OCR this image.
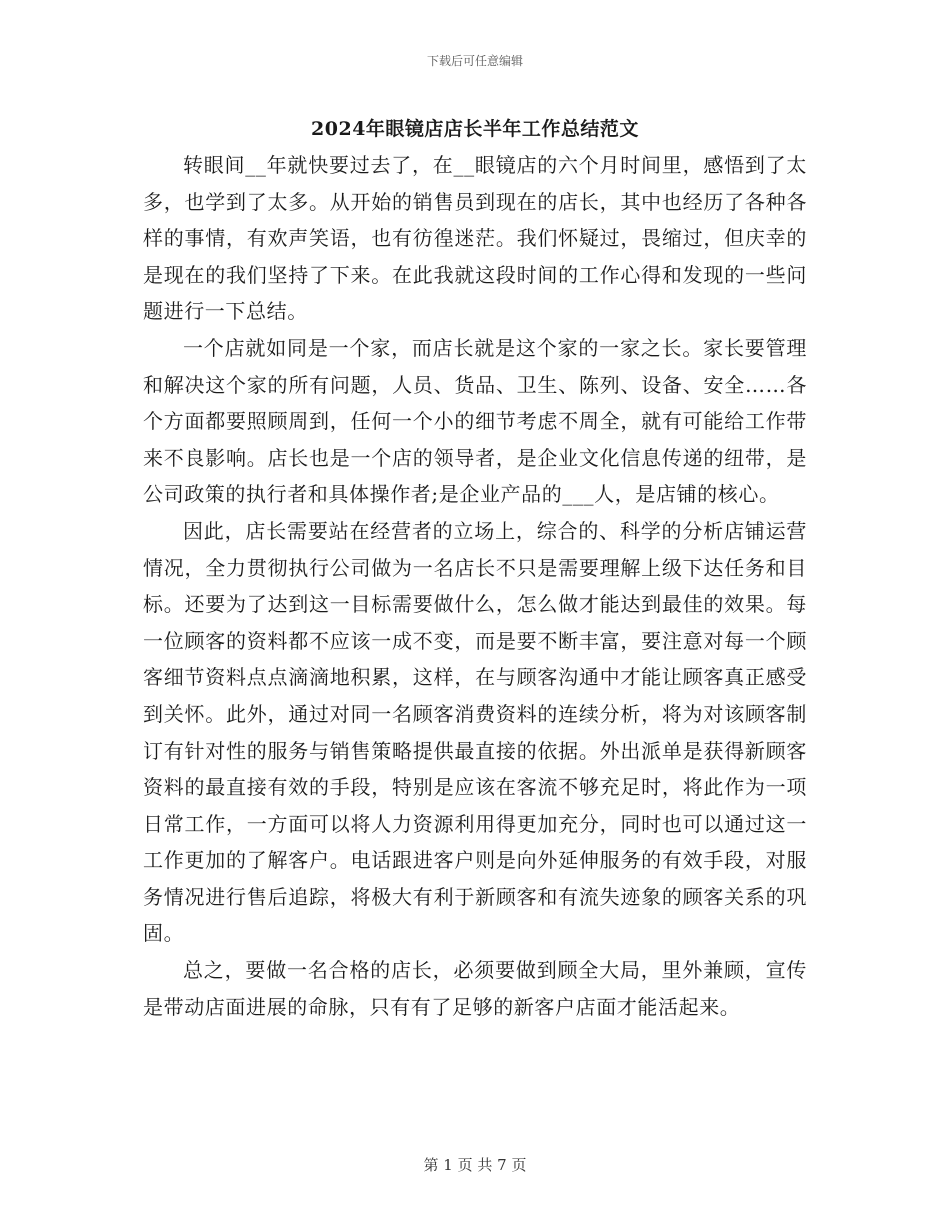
下载后可任意编辑
2024年眼镜店店长半年工作总结范文

转眼间__年就快要过去了，在__眼镜店的六个月时间里，感悟到了太多，也学到了太多。从开始的销售员到现在的店长，其中也经历了各种各样的事情，有欢声笑语，也有彷徨迷茫。我们怀疑过，畏缩过，但庆幸的是现在的我们坚持了下来。在此我就这段时间的工作心得和发现的一些问题进行一下总结。

一个店就如同是一个家，而店长就是这个家的一家之长。家长要管理和解决这个家的所有问题，人员、货品、卫生、陈列、设备、安全……各个方面都要照顾周到，任何一个小的细节考虑不周全，就有可能给工作带来不良影响。店长也是一个店的领导者，是企业文化信息传递的纽带，是公司政策的执行者和具体操作者;是企业产品的___人，是店铺的核心。

因此，店长需要站在经营者的立场上，综合的、科学的分析店铺运营情况，全力贯彻执行公司做为一名店长不只是需要理解上级下达任务和目标。还要为了达到这一目标需要做什么，怎么做才能达到最佳的效果。每一位顾客的资料都不应该一成不变，而是要不断丰富，要注意对每一个顾客细节资料点点滴滴地积累，这样，在与顾客沟通中才能让顾客真正感受到关怀。此外，通过对同一名顾客消费资料的连续分析，将为对该顾客制订有针对性的服务与销售策略提供最直接的依据。外出派单是获得新顾客资料的最直接有效的手段，特别是应该在客流不够充足时，将此作为一项日常工作，一方面可以将人力资源利用得更加充分，同时也可以通过这一工作更加的了解客户。电话跟进客户则是向外延伸服务的有效手段，对服务情况进行售后追踪，将极大有利于新顾客和有流失迹象的顾客关系的巩固。

总之，要做一名合格的店长，必须要做到顾全大局，里外兼顾，宣传是带动店面进展的命脉，只有有了足够的新客户店面才能活起来。

第 1 页 共 7 页
